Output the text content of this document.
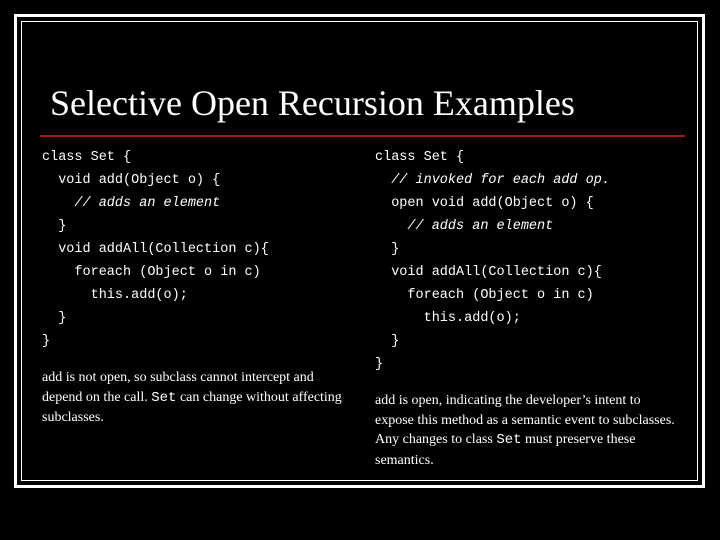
Selective Open Recursion Examples
class Set {
void add(Object o) {
// adds an element
}
void addAll(Collection c){
foreach (Object o in c)
this.add(o);
}
}
add is not open, so subclass cannot intercept and depend on the call. Set can change without affecting subclasses.
class Set {
// invoked for each add op.
open void add(Object o) {
// adds an element
}
void addAll(Collection c){
foreach (Object o in c)
this.add(o);
}
}
add is open, indicating the developer’s intent to expose this method as a semantic event to subclasses. Any changes to class Set must preserve these semantics.
